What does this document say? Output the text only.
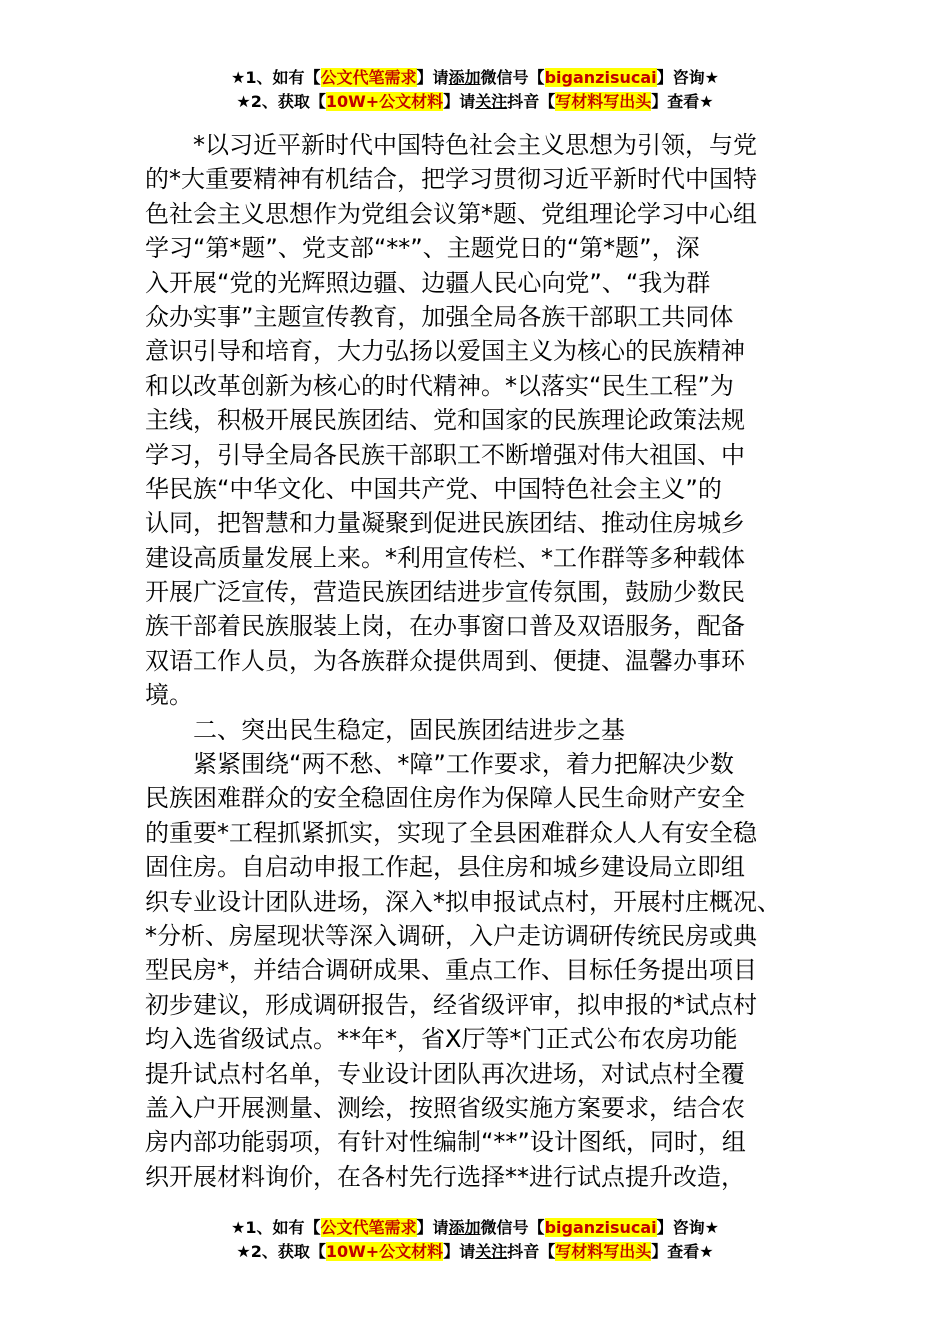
★1、如有【公文代笔需求】请添加微信号【biganzisucai】咨询★
★2、获取【10W+公文材料】请关注抖音【写材料写出头】查看★
*以习近平新时代中国特色社会主义思想为引领，与党
的*大重要精神有机结合，把学习贯彻习近平新时代中国特
色社会主义思想作为党组会议第*题、党组理论学习中心组
学习“第*题”、党支部“**”、主题党日的“第*题”，深
入开展“党的光辉照边疆、边疆人民心向党”、“我为群
众办实事”主题宣传教育，加强全局各族干部职工共同体
意识引导和培育，大力弘扬以爱国主义为核心的民族精神
和以改革创新为核心的时代精神。*以落实“民生工程”为
主线，积极开展民族团结、党和国家的民族理论政策法规
学习，引导全局各民族干部职工不断增强对伟大祖国、中
华民族“中华文化、中国共产党、中国特色社会主义”的
认同，把智慧和力量凝聚到促进民族团结、推动住房城乡
建设高质量发展上来。*利用宣传栏、*工作群等多种载体
开展广泛宣传，营造民族团结进步宣传氛围，鼓励少数民
族干部着民族服装上岗，在办事窗口普及双语服务，配备
双语工作人员，为各族群众提供周到、便捷、温馨办事环
境。
二、突出民生稳定，固民族团结进步之基
紧紧围绕“两不愁、*障”工作要求，着力把解决少数
民族困难群众的安全稳固住房作为保障人民生命财产安全
的重要*工程抓紧抓实，实现了全县困难群众人人有安全稳
固住房。自启动申报工作起，县住房和城乡建设局立即组
织专业设计团队进场，深入*拟申报试点村，开展村庄概况、
*分析、房屋现状等深入调研，入户走访调研传统民房或典
型民房*，并结合调研成果、重点工作、目标任务提出项目
初步建议，形成调研报告，经省级评审，拟申报的*试点村
均入选省级试点。**年*，省X厅等*门正式公布农房功能
提升试点村名单，专业设计团队再次进场，对试点村全覆
盖入户开展测量、测绘，按照省级实施方案要求，结合农
房内部功能弱项，有针对性编制“**”设计图纸，同时，组
织开展材料询价，在各村先行选择**进行试点提升改造，
★1、如有【公文代笔需求】请添加微信号【biganzisucai】咨询★
★2、获取【10W+公文材料】请关注抖音【写材料写出头】查看★
